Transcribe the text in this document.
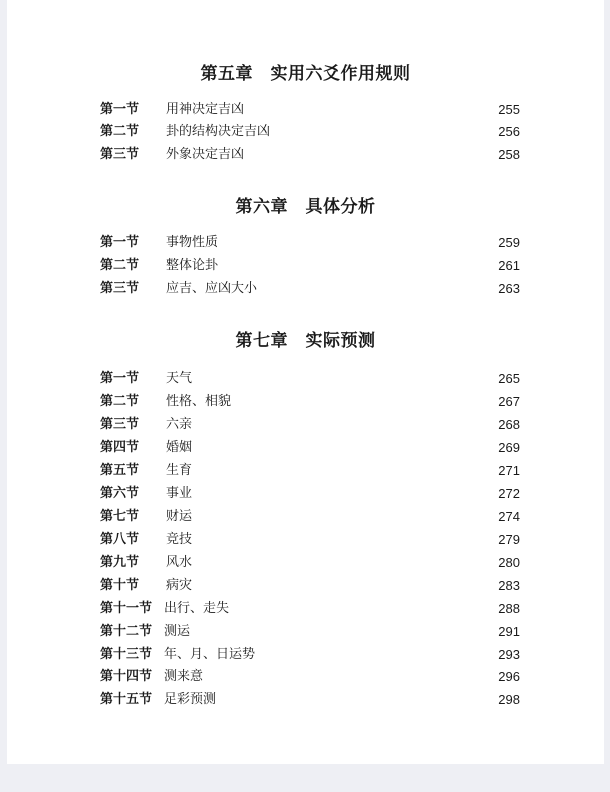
第五章　实用六爻作用规则
第一节 用神决定吉凶	255
第二节 卦的结构决定吉凶	256
第三节 外象决定吉凶	258
第六章　具体分析
第一节 事物性质	259
第二节 整体论卦	261
第三节 应吉、应凶大小	263
第七章　实际预测
第一节 天气	265
第二节 性格、相貌	267
第三节 六亲	268
第四节 婚姻	269
第五节 生育	271
第六节 事业	272
第七节 财运	274
第八节 竞技	279
第九节 风水	280
第十节 病灾	283
第十一节 出行、走失	288
第十二节 测运	291
第十三节 年、月、日运势	293
第十四节 测来意	296
第十五节 足彩预测	298
